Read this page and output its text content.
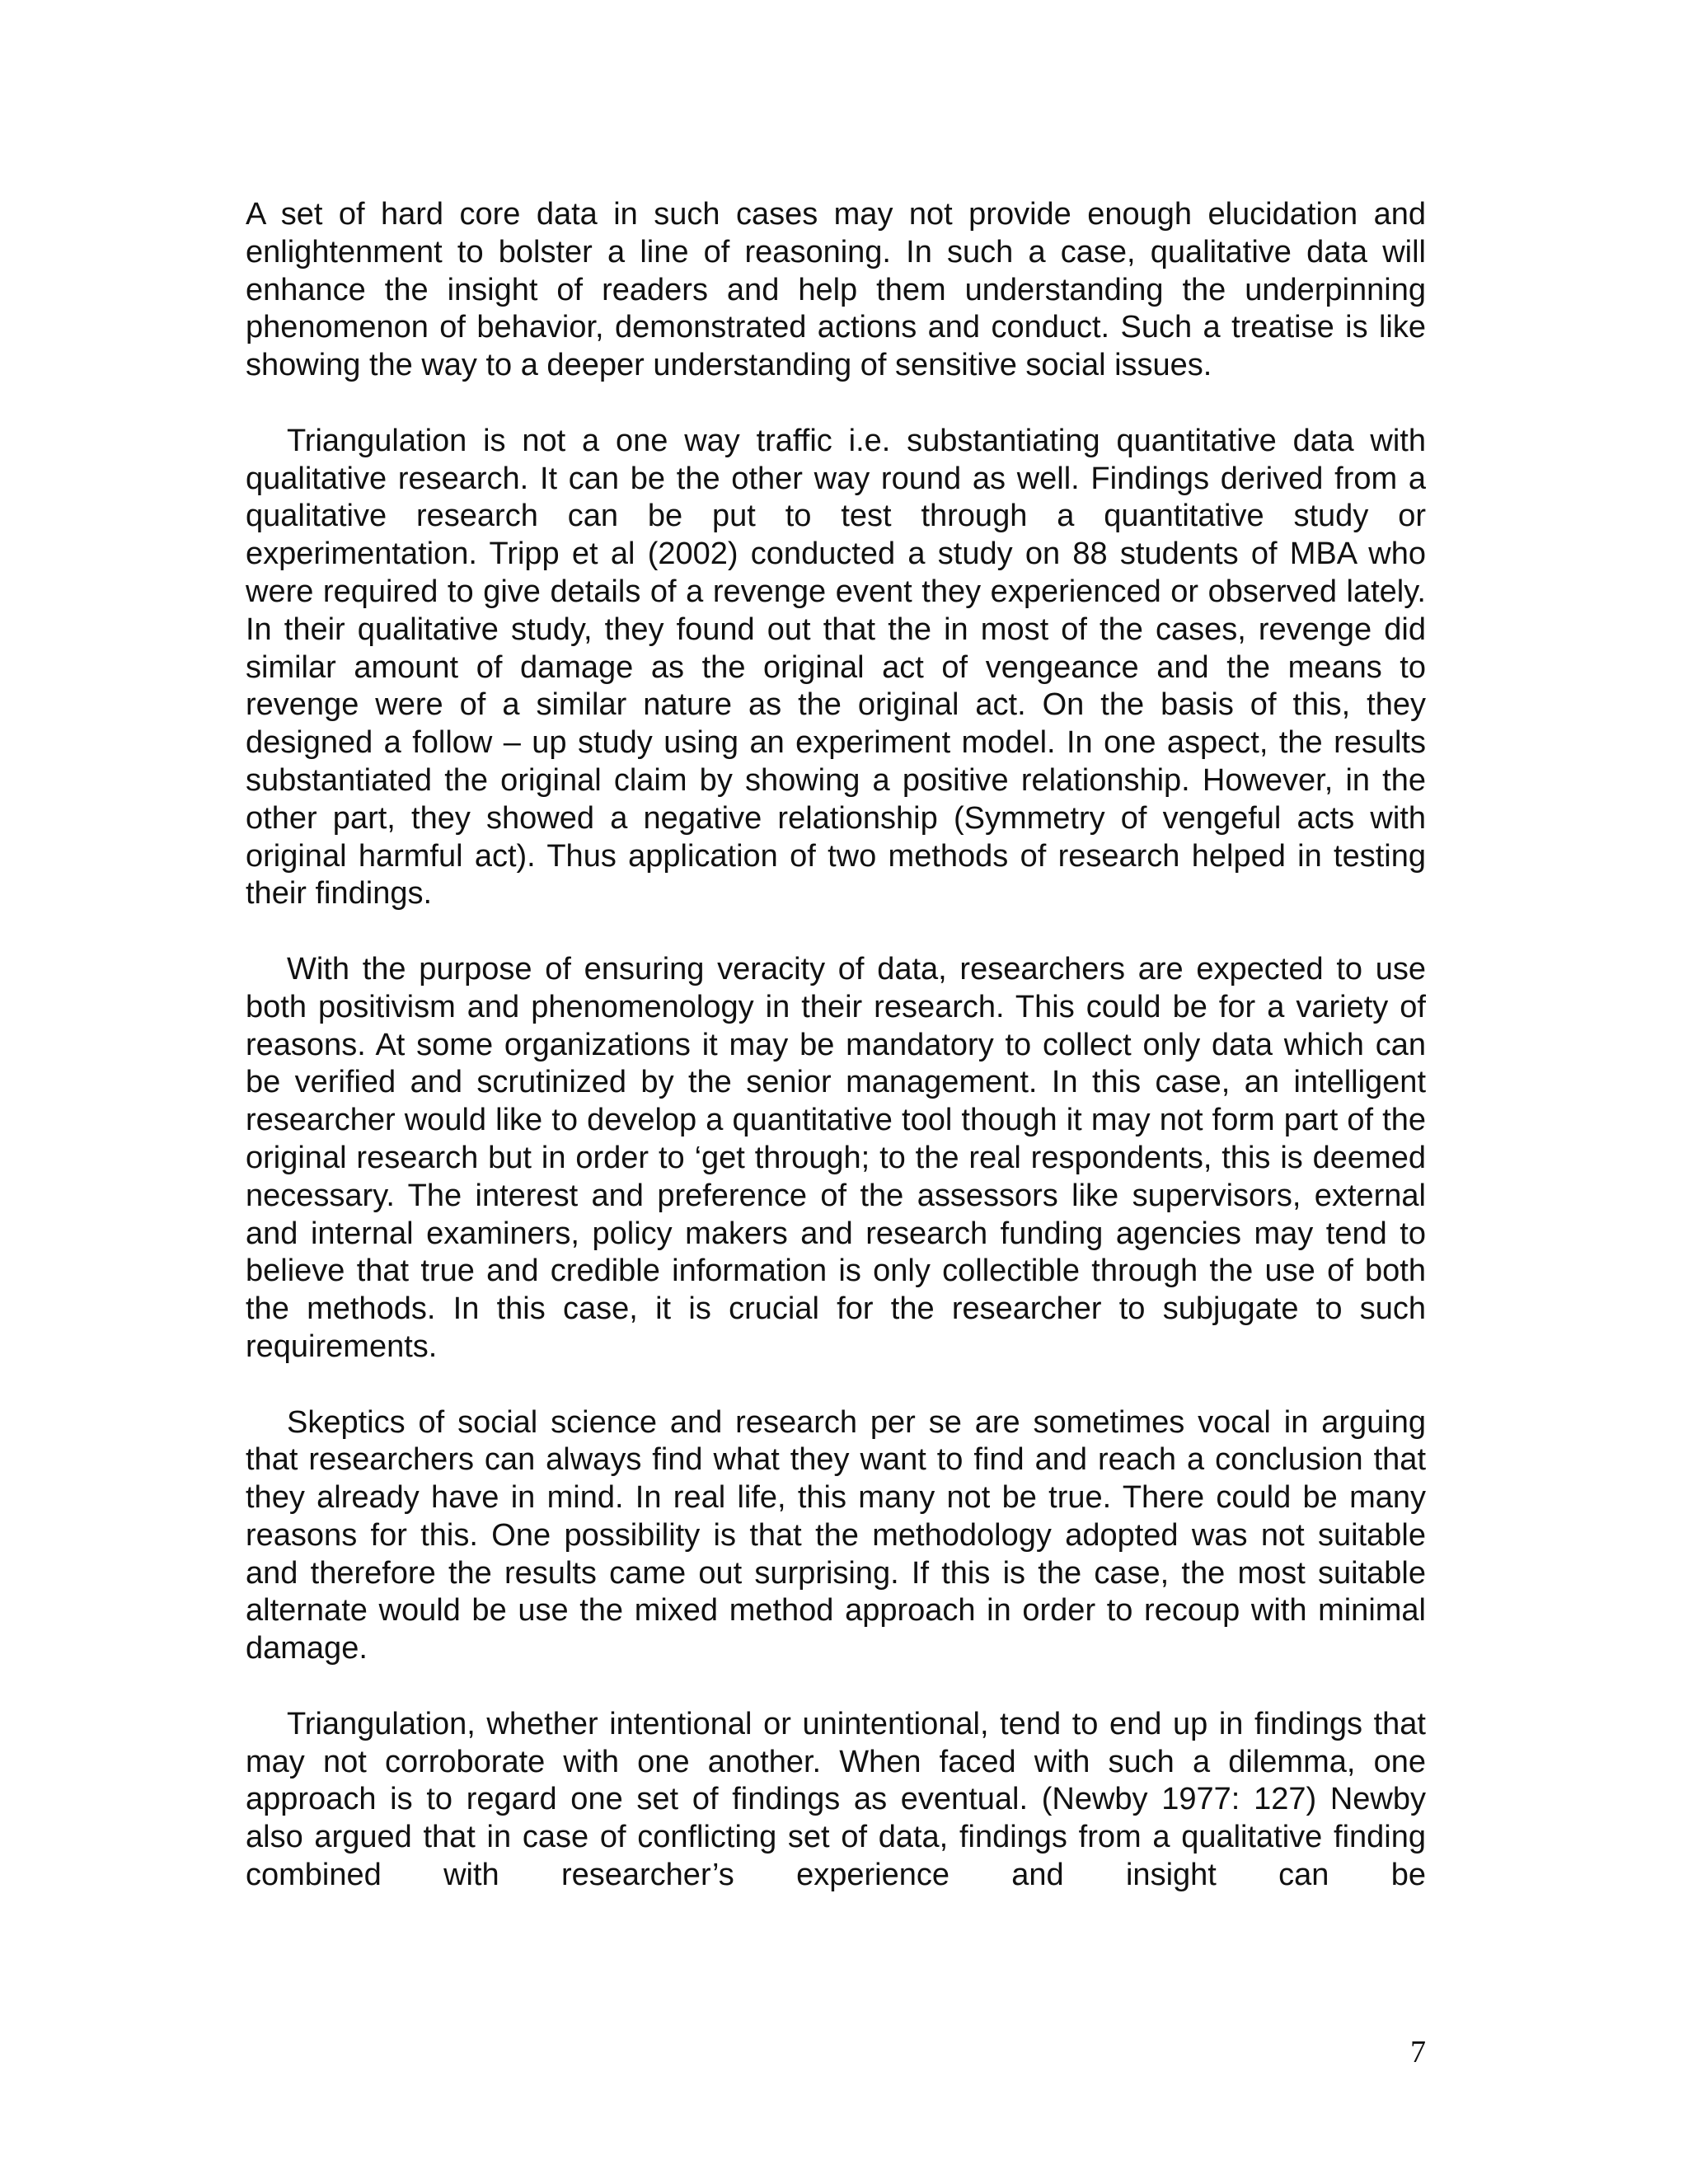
A set of hard core data in such cases may not provide enough elucidation and enlightenment to bolster a line of reasoning. In such a case, qualitative data will enhance the insight of readers and help them understanding the underpinning phenomenon of behavior, demonstrated actions and conduct. Such a treatise is like showing the way to a deeper understanding of sensitive social issues.

Triangulation is not a one way traffic i.e. substantiating quantitative data with qualitative research. It can be the other way round as well. Findings derived from a qualitative research can be put to test through a quantitative study or experimentation. Tripp et al (2002) conducted a study on 88 students of MBA who were required to give details of a revenge event they experienced or observed lately. In their qualitative study, they found out that the in most of the cases, revenge did similar amount of damage as the original act of vengeance and the means to revenge were of a similar nature as the original act. On the basis of this, they designed a follow – up study using an experiment model. In one aspect, the results substantiated the original claim by showing a positive relationship. However, in the other part, they showed a negative relationship (Symmetry of vengeful acts with original harmful act). Thus application of two methods of research helped in testing their findings.

With the purpose of ensuring veracity of data, researchers are expected to use both positivism and phenomenology in their research. This could be for a variety of reasons. At some organizations it may be mandatory to collect only data which can be verified and scrutinized by the senior management. In this case, an intelligent researcher would like to develop a quantitative tool though it may not form part of the original research but in order to ‘get through; to the real respondents, this is deemed necessary. The interest and preference of the assessors like supervisors, external and internal examiners, policy makers and research funding agencies may tend to believe that true and credible information is only collectible through the use of both the methods. In this case, it is crucial for the researcher to subjugate to such requirements.

Skeptics of social science and research per se are sometimes vocal in arguing that researchers can always find what they want to find and reach a conclusion that they already have in mind. In real life, this many not be true. There could be many reasons for this. One possibility is that the methodology adopted was not suitable and therefore the results came out surprising. If this is the case, the most suitable alternate would be use the mixed method approach in order to recoup with minimal damage.

Triangulation, whether intentional or unintentional, tend to end up in findings that may not corroborate with one another. When faced with such a dilemma, one approach is to regard one set of findings as eventual. (Newby 1977: 127) Newby also argued that in case of conflicting set of data, findings from a qualitative finding combined with researcher’s experience and insight can be

7
